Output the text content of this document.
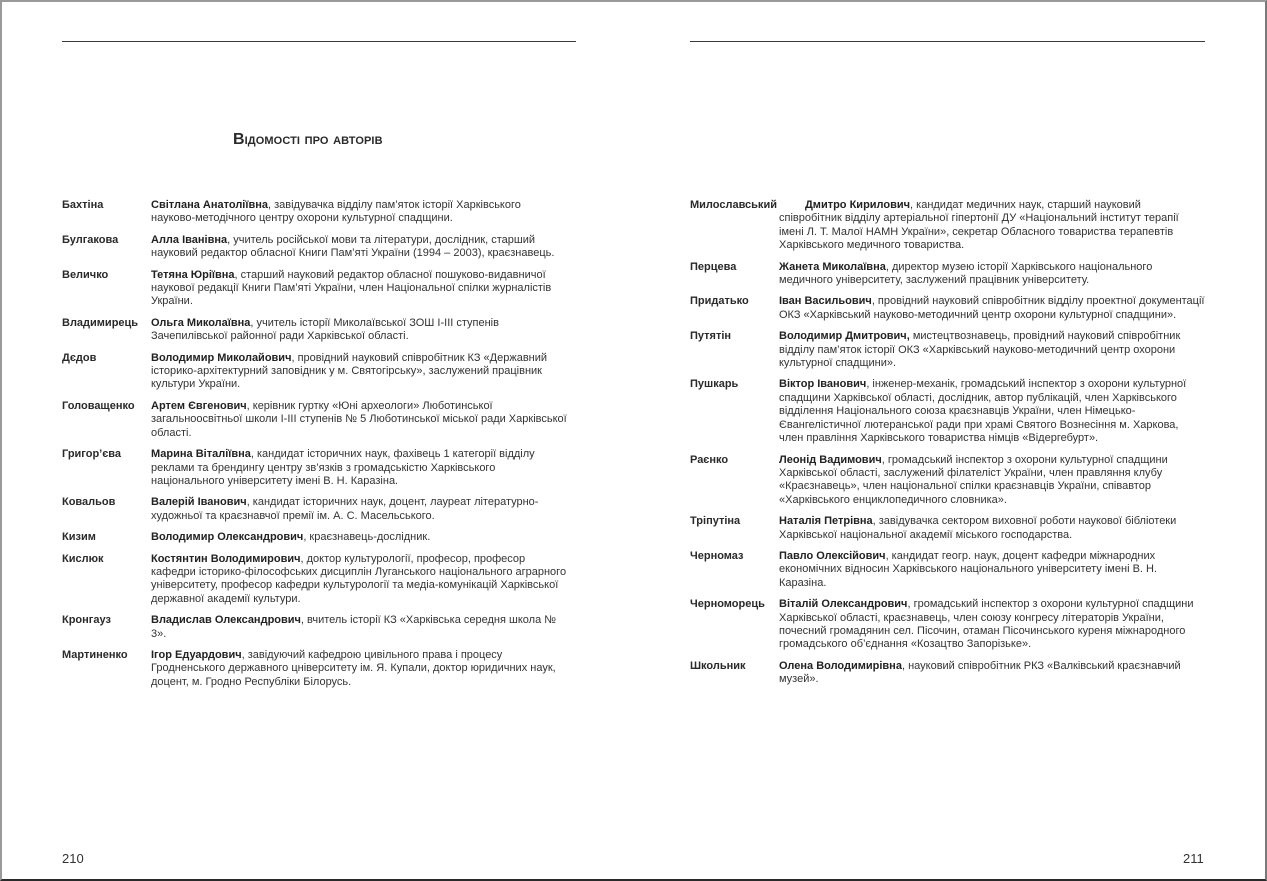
Відомості про авторів
Бахтіна	Світлана Анатоліївна, завідувачка відділу пам’яток історії Харківського науково-методічного центру охорони культурної спадщини.
Булгакова	Алла Іванівна, учитель російської мови та літератури, дослідник, старший науковий редактор обласної Книги Пам’яті України (1994 – 2003), краєзнавець.
Величко	Тетяна Юріївна, старший науковий редактор обласної пошуково-видавничої наукової редакції Книги Пам’яті України, член Національної спілки журналістів України.
Владимирець	Ольга Миколаївна, учитель історії Миколаївської ЗОШ І-ІІІ ступенів Зачепилівської районної ради Харківської області.
Дєдов	Володимир Миколайович, провідний науковий співробітник КЗ «Державний історико-архітектурний заповідник у м. Святогірську», заслужений працівник культури України.
Головащенко	Артем Євгенович, керівник гуртку «Юні археологи» Люботинської загальноосвітньої школи І-ІІІ ступенів № 5 Люботинської міської ради Харківської області.
Григор’єва	Марина Віталіївна, кандидат історичних наук, фахівець 1 категорії відділу реклами та брендингу центру зв’язків з громадськістю Харківського національного університету імені В. Н. Каразіна.
Ковальов	Валерій Іванович, кандидат історичних наук, доцент, лауреат літературно-художньої та краєзнавчої премії ім. А. С. Масельського.
Кизим	Володимир Олександрович, краєзнавець-дослідник.
Кислюк	Костянтин Володимирович, доктор культурології, професор, професор кафедри історико-філософських дисциплін Луганського національного аграрного університету, професор кафедри культурології та медіа-комунікацій Харківської державної академії культури.
Кронгауз	Владислав Олександрович, вчитель історії КЗ «Харківська середня школа № 3».
Мартиненко	Ігор Едуардович, завідуючий кафедрою цивільного права і процесу Гродненського державного цніверситету ім. Я. Купали, доктор юридичних наук, доцент, м. Гродно Республіки Білорусь.
210
Милославський	Дмитро Кирилович, кандидат медичних наук, старший науковий співробітник відділу артеріальної гіпертонії ДУ «Національний інститут терапії імені Л. Т. Малої НАМН України», секретар Обласного товариства терапевтів Харківського медичного товариства.
Перцева	Жанета Миколаївна, директор музею історії Харківського національного медичного університету, заслужений працівник університету.
Придатько	Іван Васильович, провідний науковий співробітник відділу проектної документації ОКЗ «Харківський науково-методичний центр охорони культурної спадщини».
Путятін	Володимир Дмитрович, мистецтвознавець, провідний науковий співробітник відділу пам’яток історії ОКЗ «Харківський науково-методичний центр охорони культурної спадщини».
Пушкарь	Віктор Іванович, інженер-механік, громадський інспектор з охорони культурної спадщини Харківської області, дослідник, автор публікацій, член Харківського відділення Національного союза краєзнавців України, член Німецько-Євангелістичної лютеранської ради при храмі Святого Вознесіння м. Харкова, член правління Харківського товариства німців «Відергебурт».
Раєнко	Леонід Вадимович, громадський інспектор з охорони культурної спадщини Харківської області, заслужений філателіст України, член правляння клубу «Краєзнавець», член національної спілки краєзнавців України, співавтор «Харківського енциклопедичного словника».
Тріпутіна	Наталія Петрівна, завідувачка сектором виховної роботи наукової бібліотеки Харківської національної академії міського господарства.
Черномаз	Павло Олексійович, кандидат геогр. наук, доцент кафедри міжнародних економічних відносин Харківського національного університету імені В. Н. Каразіна.
Черноморець	Віталій Олександрович, громадський інспектор з охорони культурної спадщини Харківської області, краєзнавець, член союзу конгресу літераторів України, почесний громадянин сел. Пісочин, отаман Пісочинського куреня міжнародного громадського об’єднання «Козацтво Запорізьке».
Школьник	Олена Володимирівна, науковий співробітник РКЗ «Валківський краєзнавчий музей».
211
